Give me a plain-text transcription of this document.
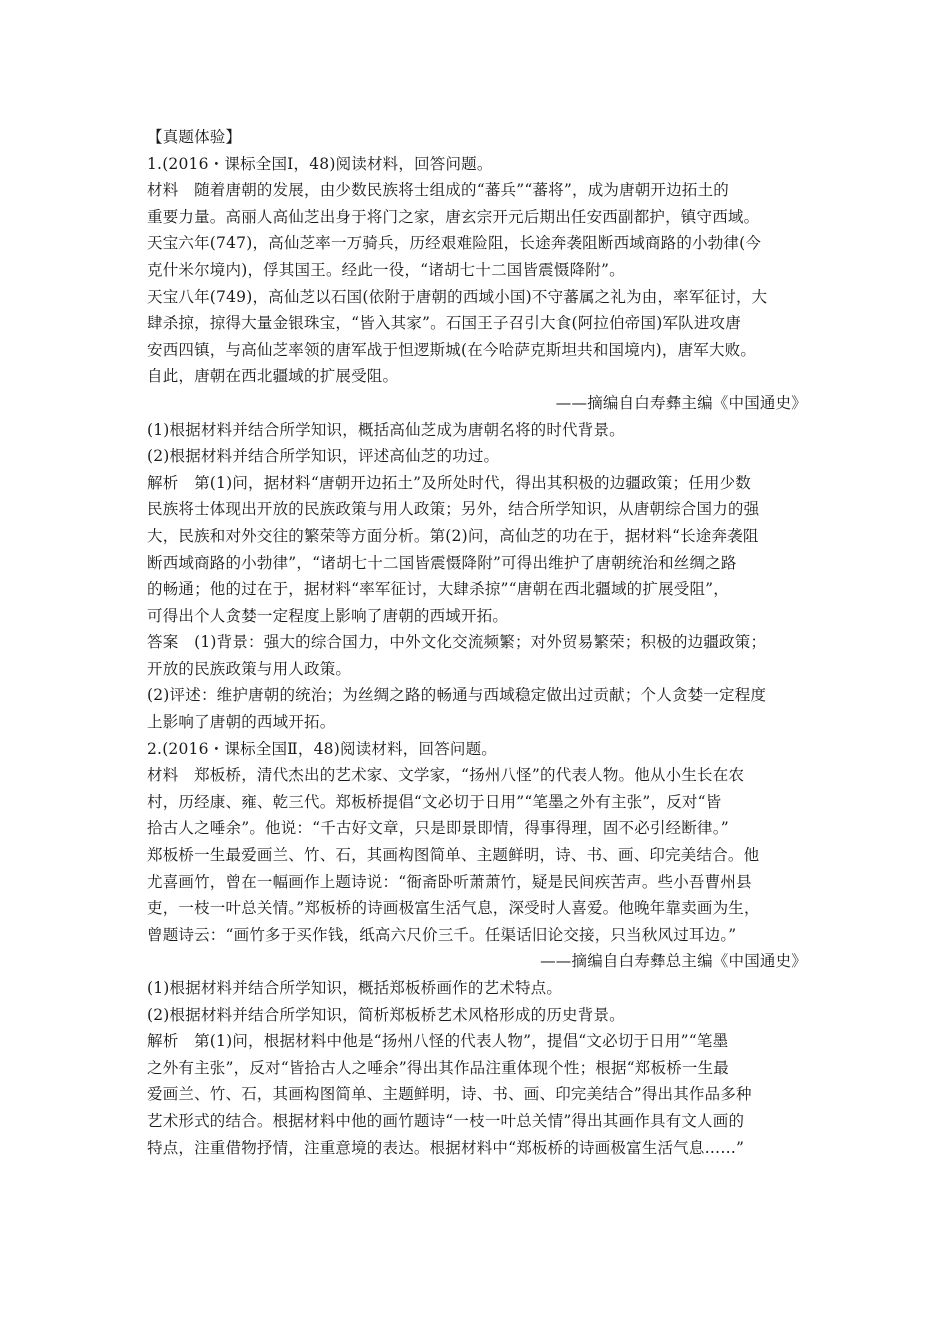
【真题体验】
1.(2016・课标全国Ⅰ，48)阅读材料，回答问题。
材料　随着唐朝的发展，由少数民族将士组成的“蕃兵”“蕃将”，成为唐朝开边拓土的
重要力量。高丽人高仙芝出身于将门之家，唐玄宗开元后期出任安西副都护，镇守西域。
天宝六年(747)，高仙芝率一万骑兵，历经艰难险阻，长途奔袭阻断西域商路的小勃律(今
克什米尔境内)，俘其国王。经此一役，“诸胡七十二国皆震慑降附”。
天宝八年(749)，高仙芝以石国(依附于唐朝的西域小国)不守蕃属之礼为由，率军征讨，大
肆杀掠，掠得大量金银珠宝，“皆入其家”。石国王子召引大食(阿拉伯帝国)军队进攻唐
安西四镇，与高仙芝率领的唐军战于怛逻斯城(在今哈萨克斯坦共和国境内)，唐军大败。
自此，唐朝在西北疆域的扩展受阻。
——摘编自白寿彝主编《中国通史》
(1)根据材料并结合所学知识，概括高仙芝成为唐朝名将的时代背景。
(2)根据材料并结合所学知识，评述高仙芝的功过。
解析　第(1)问，据材料“唐朝开边拓土”及所处时代，得出其积极的边疆政策；任用少数
民族将士体现出开放的民族政策与用人政策；另外，结合所学知识，从唐朝综合国力的强
大，民族和对外交往的繁荣等方面分析。第(2)问，高仙芝的功在于，据材料“长途奔袭阻
断西域商路的小勃律”，“诸胡七十二国皆震慑降附”可得出维护了唐朝统治和丝绸之路
的畅通；他的过在于，据材料“率军征讨，大肆杀掠”“唐朝在西北疆域的扩展受阻”，
可得出个人贪婪一定程度上影响了唐朝的西域开拓。
答案　(1)背景：强大的综合国力，中外文化交流频繁；对外贸易繁荣；积极的边疆政策；
开放的民族政策与用人政策。
(2)评述：维护唐朝的统治；为丝绸之路的畅通与西域稳定做出过贡献；个人贪婪一定程度
上影响了唐朝的西域开拓。
2.(2016・课标全国Ⅱ，48)阅读材料，回答问题。
材料　郑板桥，清代杰出的艺术家、文学家，“扬州八怪”的代表人物。他从小生长在农
村，历经康、雍、乾三代。郑板桥提倡“文必切于日用”“笔墨之外有主张”，反对“皆
拾古人之唾余”。他说：“千古好文章，只是即景即情，得事得理，固不必引经断律。”
郑板桥一生最爱画兰、竹、石，其画构图简单、主题鲜明，诗、书、画、印完美结合。他
尤喜画竹，曾在一幅画作上题诗说：“衙斋卧听萧萧竹，疑是民间疾苦声。些小吾曹州县
吏，一枝一叶总关情。”郑板桥的诗画极富生活气息，深受时人喜爱。他晚年靠卖画为生，
曾题诗云：“画竹多于买作钱，纸高六尺价三千。任渠话旧论交接，只当秋风过耳边。”
——摘编自白寿彝总主编《中国通史》
(1)根据材料并结合所学知识，概括郑板桥画作的艺术特点。
(2)根据材料并结合所学知识，简析郑板桥艺术风格形成的历史背景。
解析　第(1)问，根据材料中他是“扬州八怪的代表人物”，提倡“文必切于日用”“笔墨
之外有主张”，反对“皆拾古人之唾余”得出其作品注重体现个性；根据“郑板桥一生最
爱画兰、竹、石，其画构图简单、主题鲜明，诗、书、画、印完美结合”得出其作品多种
艺术形式的结合。根据材料中他的画竹题诗“一枝一叶总关情”得出其画作具有文人画的
特点，注重借物抒情，注重意境的表达。根据材料中“郑板桥的诗画极富生活气息……”
